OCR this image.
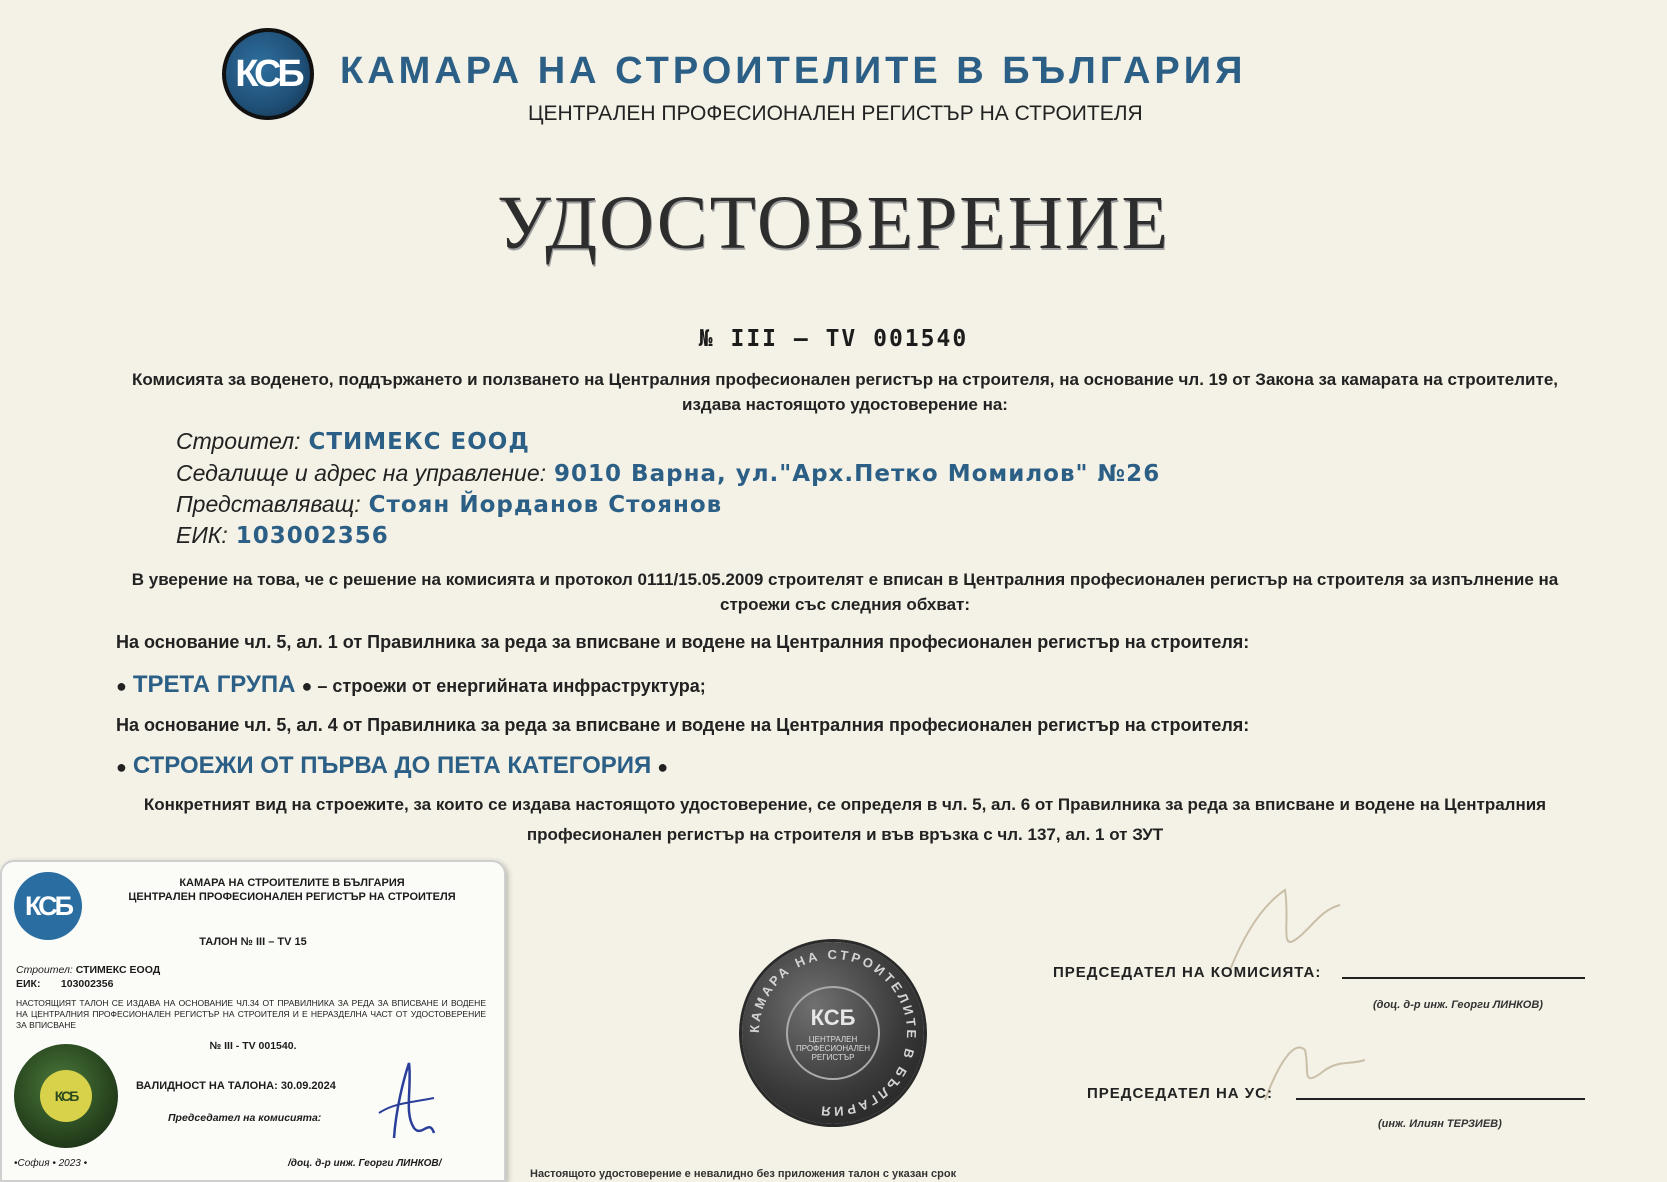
КСБ КАМАРА НА СТРОИТЕЛИТЕ В БЪЛГАРИЯ
ЦЕНТРАЛЕН ПРОФЕСИОНАЛЕН РЕГИСТЪР НА СТРОИТЕЛЯ
УДОСТОВЕРЕНИЕ
№ III – TV 001540
Комисията за воденето, поддържането и ползването на Централния професионален регистър на строителя, на основание чл. 19 от Закона за камарата на строителите, издава настоящото удостоверение на:
Строител: СТИМЕКС ЕООД
Седалище и адрес на управление: 9010 Варна, ул."Арх.Петко Момилов" №26
Представляващ: Стоян Йорданов Стоянов
ЕИК: 103002356
В уверение на това, че с решение на комисията и протокол 0111/15.05.2009 строителят е вписан в Централния професионален регистър на строителя за изпълнение на строежи със следния обхват:
На основание чл. 5, ал. 1 от Правилника за реда за вписване и водене на Централния професионален регистър на строителя:
● ТРЕТА ГРУПА ● – строежи от енергийната инфраструктура;
На основание чл. 5, ал. 4 от Правилника за реда за вписване и водене на Централния професионален регистър на строителя:
● СТРОЕЖИ ОТ ПЪРВА ДО ПЕТА КАТЕГОРИЯ ●
Конкретният вид на строежите, за които се издава настоящото удостоверение, се определя в чл. 5, ал. 6 от Правилника за реда за вписване и водене на Централния професионален регистър на строителя и във връзка с чл. 137, ал. 1 от ЗУТ
КАМАРА НА СТРОИТЕЛИТЕ В БЪЛГАРИЯ
КСБ
ЦЕНТРАЛЕН ПРОФЕСИОНАЛЕН РЕГИСТЪР
ПРЕДСЕДАТЕЛ НА КОМИСИЯТА:
(доц. д-р инж. Георги ЛИНКОВ)
ПРЕДСЕДАТЕЛ НА УС:
(инж. Илиян ТЕРЗИЕВ)
Настоящото удостоверение е невалидно без приложения талон с указан срок
КСБ
КАМАРА НА СТРОИТЕЛИТЕ В БЪЛГАРИЯ
ЦЕНТРАЛЕН ПРОФЕСИОНАЛЕН РЕГИСТЪР НА СТРОИТЕЛЯ
ТАЛОН № III – TV 15
Строител: СТИМЕКС ЕООД
ЕИК: 103002356
НАСТОЯЩИЯТ ТАЛОН СЕ ИЗДАВА НА ОСНОВАНИЕ ЧЛ.34 ОТ ПРАВИЛНИКА ЗА РЕДА ЗА ВПИСВАНЕ И ВОДЕНЕ НА ЦЕНТРАЛНИЯ ПРОФЕСИОНАЛЕН РЕГИСТЪР НА СТРОИТЕЛЯ И Е НЕРАЗДЕЛНА ЧАСТ ОТ УДОСТОВЕРЕНИЕ ЗА ВПИСВАНЕ
№ III - TV 001540.
КСБ
ВАЛИДНОСТ НА ТАЛОНА: 30.09.2024
Председател на комисията:
•София • 2023 •	/доц. д-р инж. Георги ЛИНКОВ/
